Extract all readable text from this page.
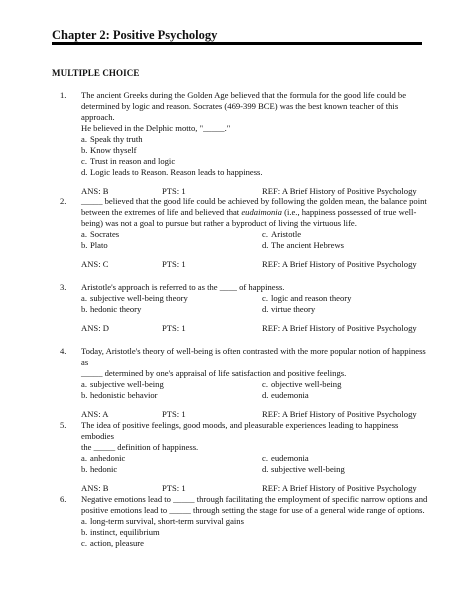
Chapter 2: Positive Psychology
MULTIPLE CHOICE
1. The ancient Greeks during the Golden Age believed that the formula for the good life could be
determined by logic and reason. Socrates (469-399 BCE) was the best known teacher of this approach.
He believed in the Delphic motto, "_____."
a. Speak thy truth
b. Know thyself
c. Trust in reason and logic
d. Logic leads to Reason. Reason leads to happiness.
ANS: B	PTS: 1	REF: A Brief History of Positive Psychology
2. _____ believed that the good life could be achieved by following the golden mean, the balance point
between the extremes of life and believed that eudaimonia (i.e., happiness possessed of true well-
being) was not a goal to pursue but rather a byproduct of living the virtuous life.
a. Socrates	c. Aristotle
b. Plato	d. The ancient Hebrews
ANS: C	PTS: 1	REF: A Brief History of Positive Psychology
3. Aristotle's approach is referred to as the ____ of happiness.
a. subjective well-being theory	c. logic and reason theory
b. hedonic theory	d. virtue theory
ANS: D	PTS: 1	REF: A Brief History of Positive Psychology
4. Today, Aristotle's theory of well-being is often contrasted with the more popular notion of happiness as
_____ determined by one's appraisal of life satisfaction and positive feelings.
a. subjective well-being	c. objective well-being
b. hedonistic behavior	d. eudemonia
ANS: A	PTS: 1	REF: A Brief History of Positive Psychology
5. The idea of positive feelings, good moods, and pleasurable experiences leading to happiness embodies
the _____ definition of happiness.
a. anhedonic	c. eudemonia
b. hedonic	d. subjective well-being
ANS: B	PTS: 1	REF: A Brief History of Positive Psychology
6. Negative emotions lead to _____ through facilitating the employment of specific narrow options and
positive emotions lead to _____ through setting the stage for use of a general wide range of options.
a. long-term survival, short-term survival gains
b. instinct, equilibrium
c. action, pleasure
